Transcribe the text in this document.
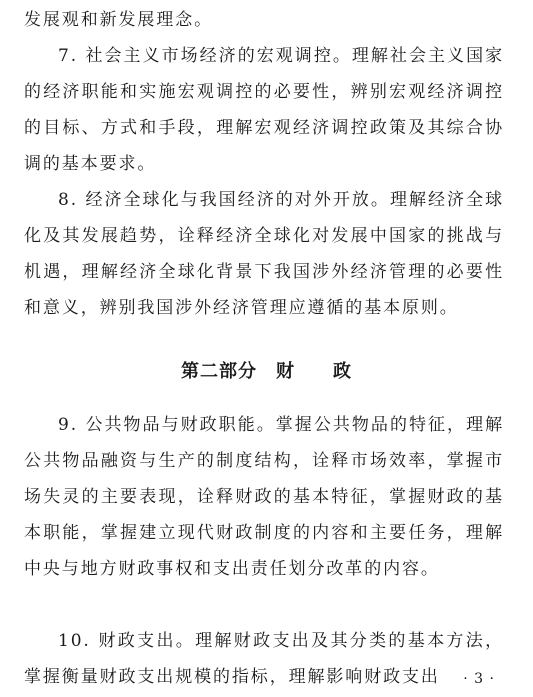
发展观和新发展理念。
7. 社会主义市场经济的宏观调控。理解社会主义国家的经济职能和实施宏观调控的必要性，辨别宏观经济调控的目标、方式和手段，理解宏观经济调控政策及其综合协调的基本要求。
8. 经济全球化与我国经济的对外开放。理解经济全球化及其发展趋势，诠释经济全球化对发展中国家的挑战与机遇，理解经济全球化背景下我国涉外经济管理的必要性和意义，辨别我国涉外经济管理应遵循的基本原则。
第二部分　财　　政
9. 公共物品与财政职能。掌握公共物品的特征，理解公共物品融资与生产的制度结构，诠释市场效率，掌握市场失灵的主要表现，诠释财政的基本特征，掌握财政的基本职能，掌握建立现代财政制度的内容和主要任务，理解中央与地方财政事权和支出责任划分改革的内容。
10. 财政支出。理解财政支出及其分类的基本方法，掌握衡量财政支出规模的指标，理解影响财政支出	· 3 ·
